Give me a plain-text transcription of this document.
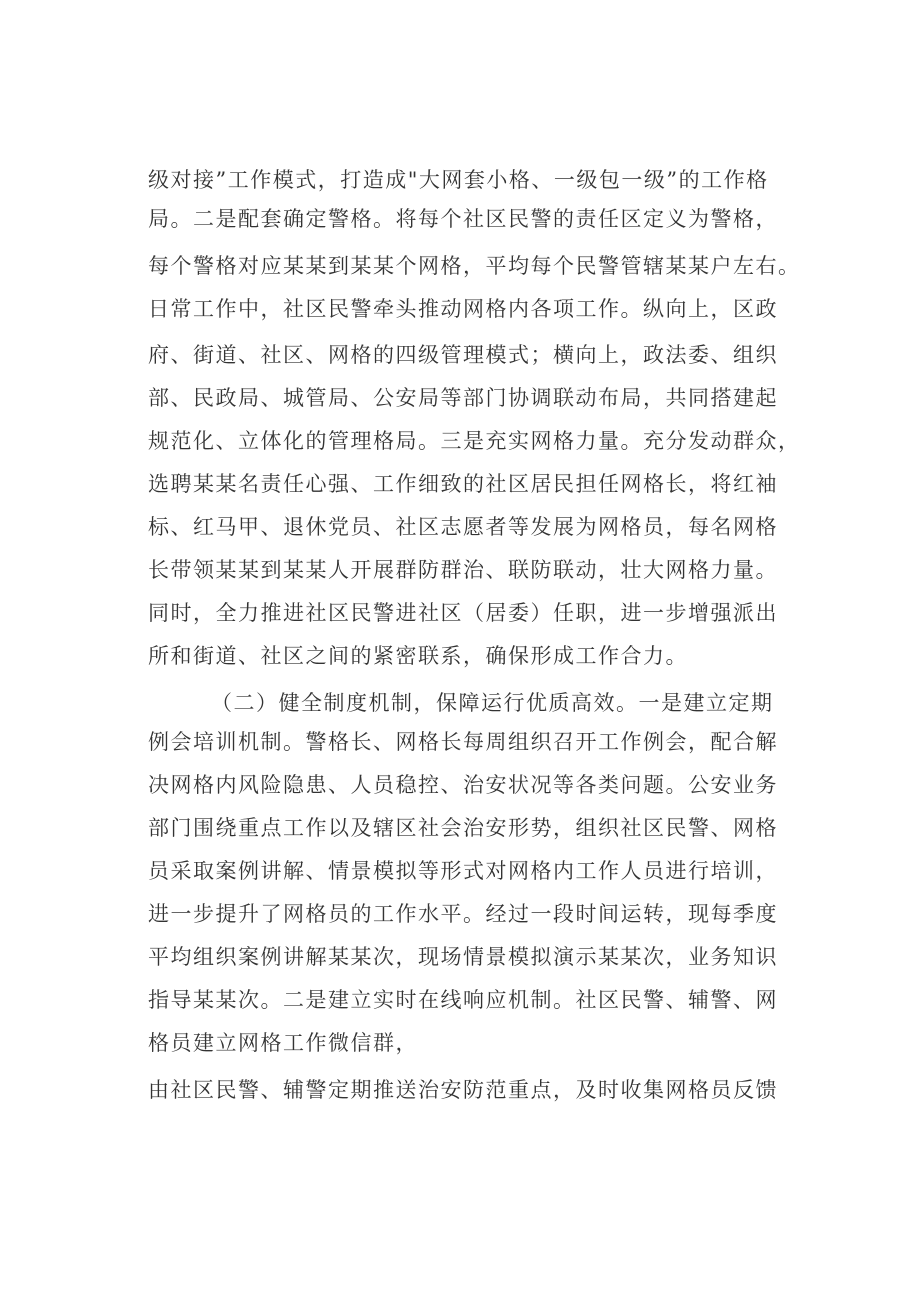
级对接”工作模式，打造成"大网套小格、一级包一级”的工作格
局。二是配套确定警格。将每个社区民警的责任区定义为警格，
每个警格对应某某到某某个网格，平均每个民警管辖某某户左右。
日常工作中，社区民警牵头推动网格内各项工作。纵向上，区政
府、街道、社区、网格的四级管理模式；横向上，政法委、组织
部、民政局、城管局、公安局等部门协调联动布局，共同搭建起
规范化、立体化的管理格局。三是充实网格力量。充分发动群众，
选聘某某名责任心强、工作细致的社区居民担任网格长，将红袖
标、红马甲、退休党员、社区志愿者等发展为网格员，每名网格
长带领某某到某某人开展群防群治、联防联动，壮大网格力量。
同时，全力推进社区民警进社区（居委）任职，进一步增强派出
所和街道、社区之间的紧密联系，确保形成工作合力。
（二）健全制度机制，保障运行优质高效。一是建立定期
例会培训机制。警格长、网格长每周组织召开工作例会，配合解
决网格内风险隐患、人员稳控、治安状况等各类问题。公安业务
部门围绕重点工作以及辖区社会治安形势，组织社区民警、网格
员采取案例讲解、情景模拟等形式对网格内工作人员进行培训，
进一步提升了网格员的工作水平。经过一段时间运转，现每季度
平均组织案例讲解某某次，现场情景模拟演示某某次，业务知识
指导某某次。二是建立实时在线响应机制。社区民警、辅警、网
格员建立网格工作微信群，
由社区民警、辅警定期推送治安防范重点，及时收集网格员反馈
